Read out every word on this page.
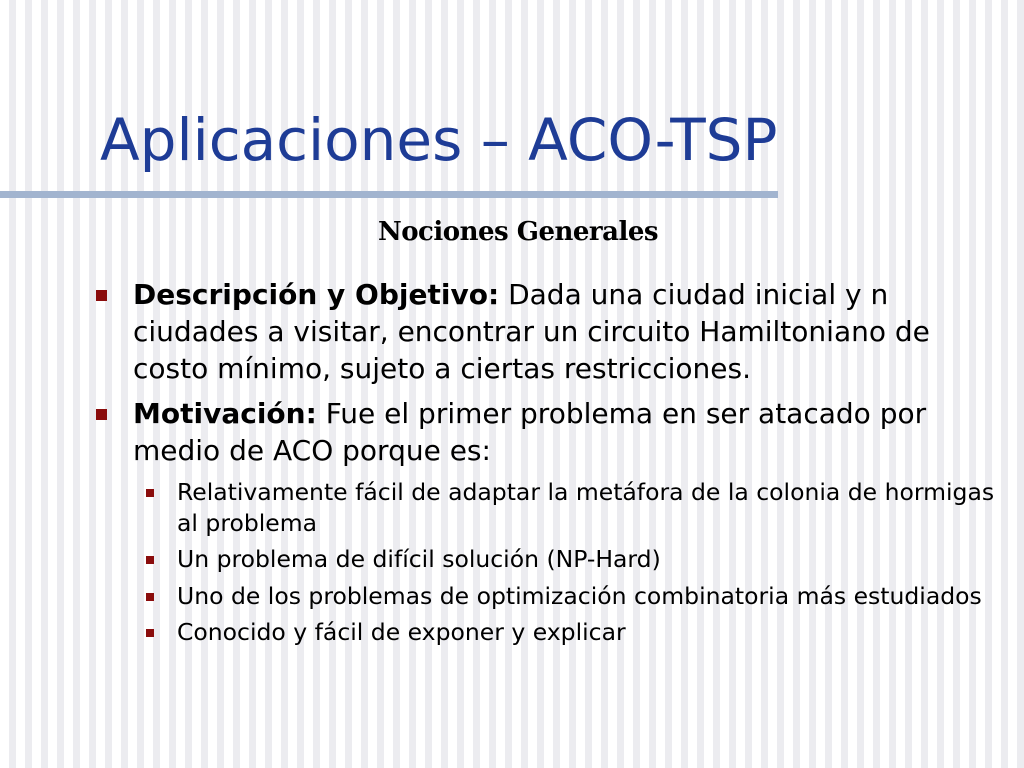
Aplicaciones – ACO-TSP
Nociones Generales
Descripción y Objetivo: Dada una ciudad inicial y n ciudades a visitar, encontrar un circuito Hamiltoniano de costo mínimo, sujeto a ciertas restricciones.
Motivación: Fue el primer problema en ser atacado por medio de ACO porque es:
Relativamente fácil de adaptar la metáfora de la colonia de hormigas al problema
Un problema de difícil solución (NP-Hard)
Uno de los problemas de optimización combinatoria más estudiados
Conocido y fácil de exponer y explicar
